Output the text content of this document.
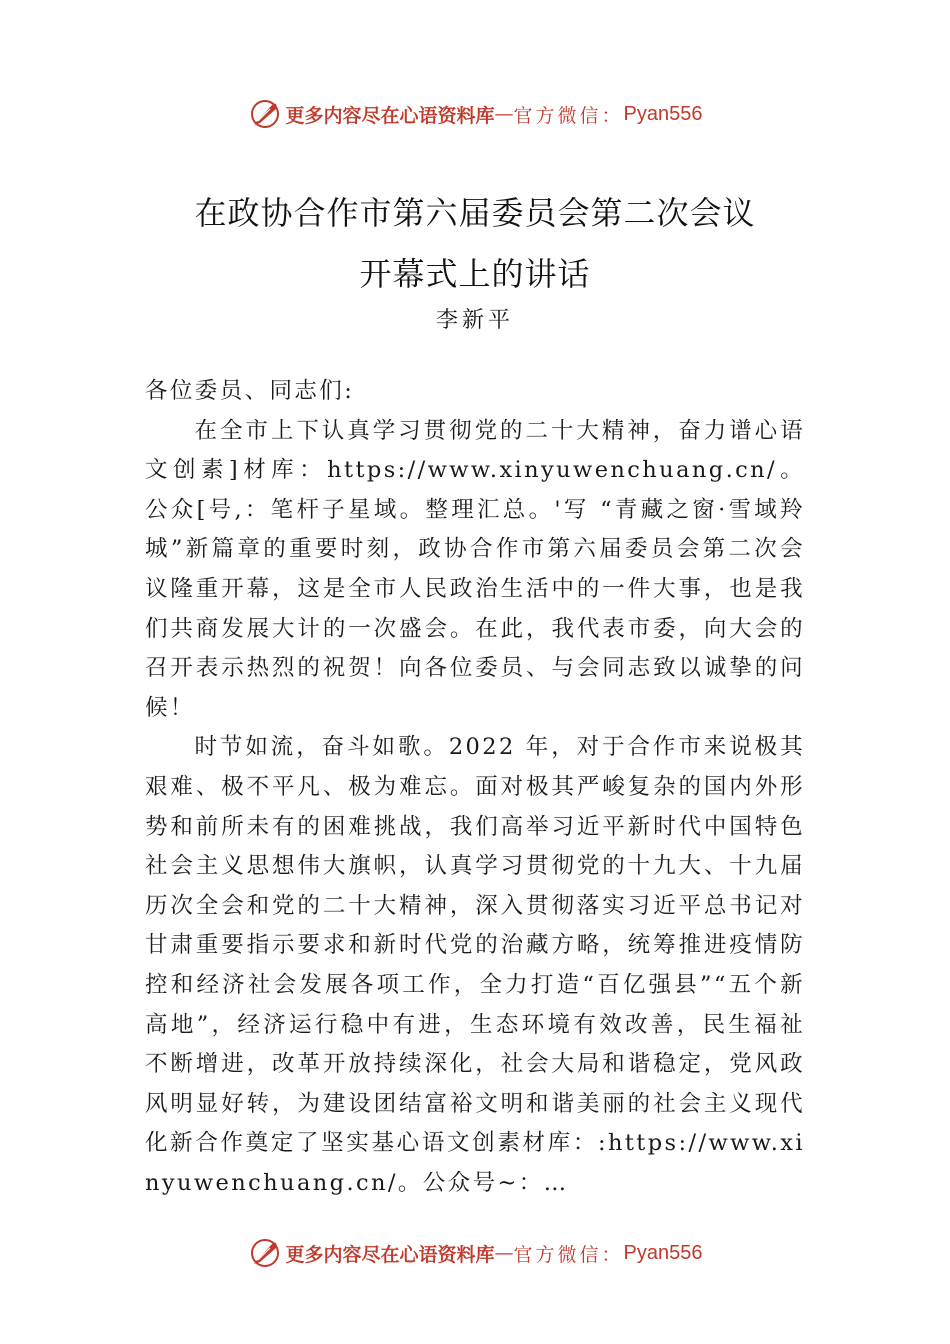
更多内容尽在心语资料库 — 官方微信： Pyan556
在政协合作市第六届委员会第二次会议
开幕式上的讲话
李新平

各位委员、同志们:

在全市上下认真学习贯彻党的二十大精神，奋力谱心语文创素]材库：https://www.xinyuwenchuang.cn/。公众[号,：笔杆子星域。整理汇总。'写 “青藏之窗·雪域羚城”新篇章的重要时刻，政协合作市第六届委员会第二次会议隆重开幕，这是全市人民政治生活中的一件大事，也是我们共商发展大计的一次盛会。在此，我代表市委，向大会的召开表示热烈的祝贺！向各位委员、与会同志致以诚挚的问候！

时节如流，奋斗如歌。2022 年，对于合作市来说极其艰难、极不平凡、极为难忘。面对极其严峻复杂的国内外形势和前所未有的困难挑战，我们高举习近平新时代中国特色社会主义思想伟大旗帜，认真学习贯彻党的十九大、十九届历次全会和党的二十大精神，深入贯彻落实习近平总书记对甘肃重要指示要求和新时代党的治藏方略，统筹推进疫情防控和经济社会发展各项工作，全力打造“百亿强县”“五个新高地”，经济运行稳中有进，生态环境有效改善，民生福祉不断增进，改革开放持续深化，社会大局和谐稳定，党风政风明显好转，为建设团结富裕文明和谐美丽的社会主义现代化新合作奠定了坚实基心语文创素材库：:https://www.xinyuwenchuang.cn/。公众号~：…

更多内容尽在心语资料库 — 官方微信： Pyan556
